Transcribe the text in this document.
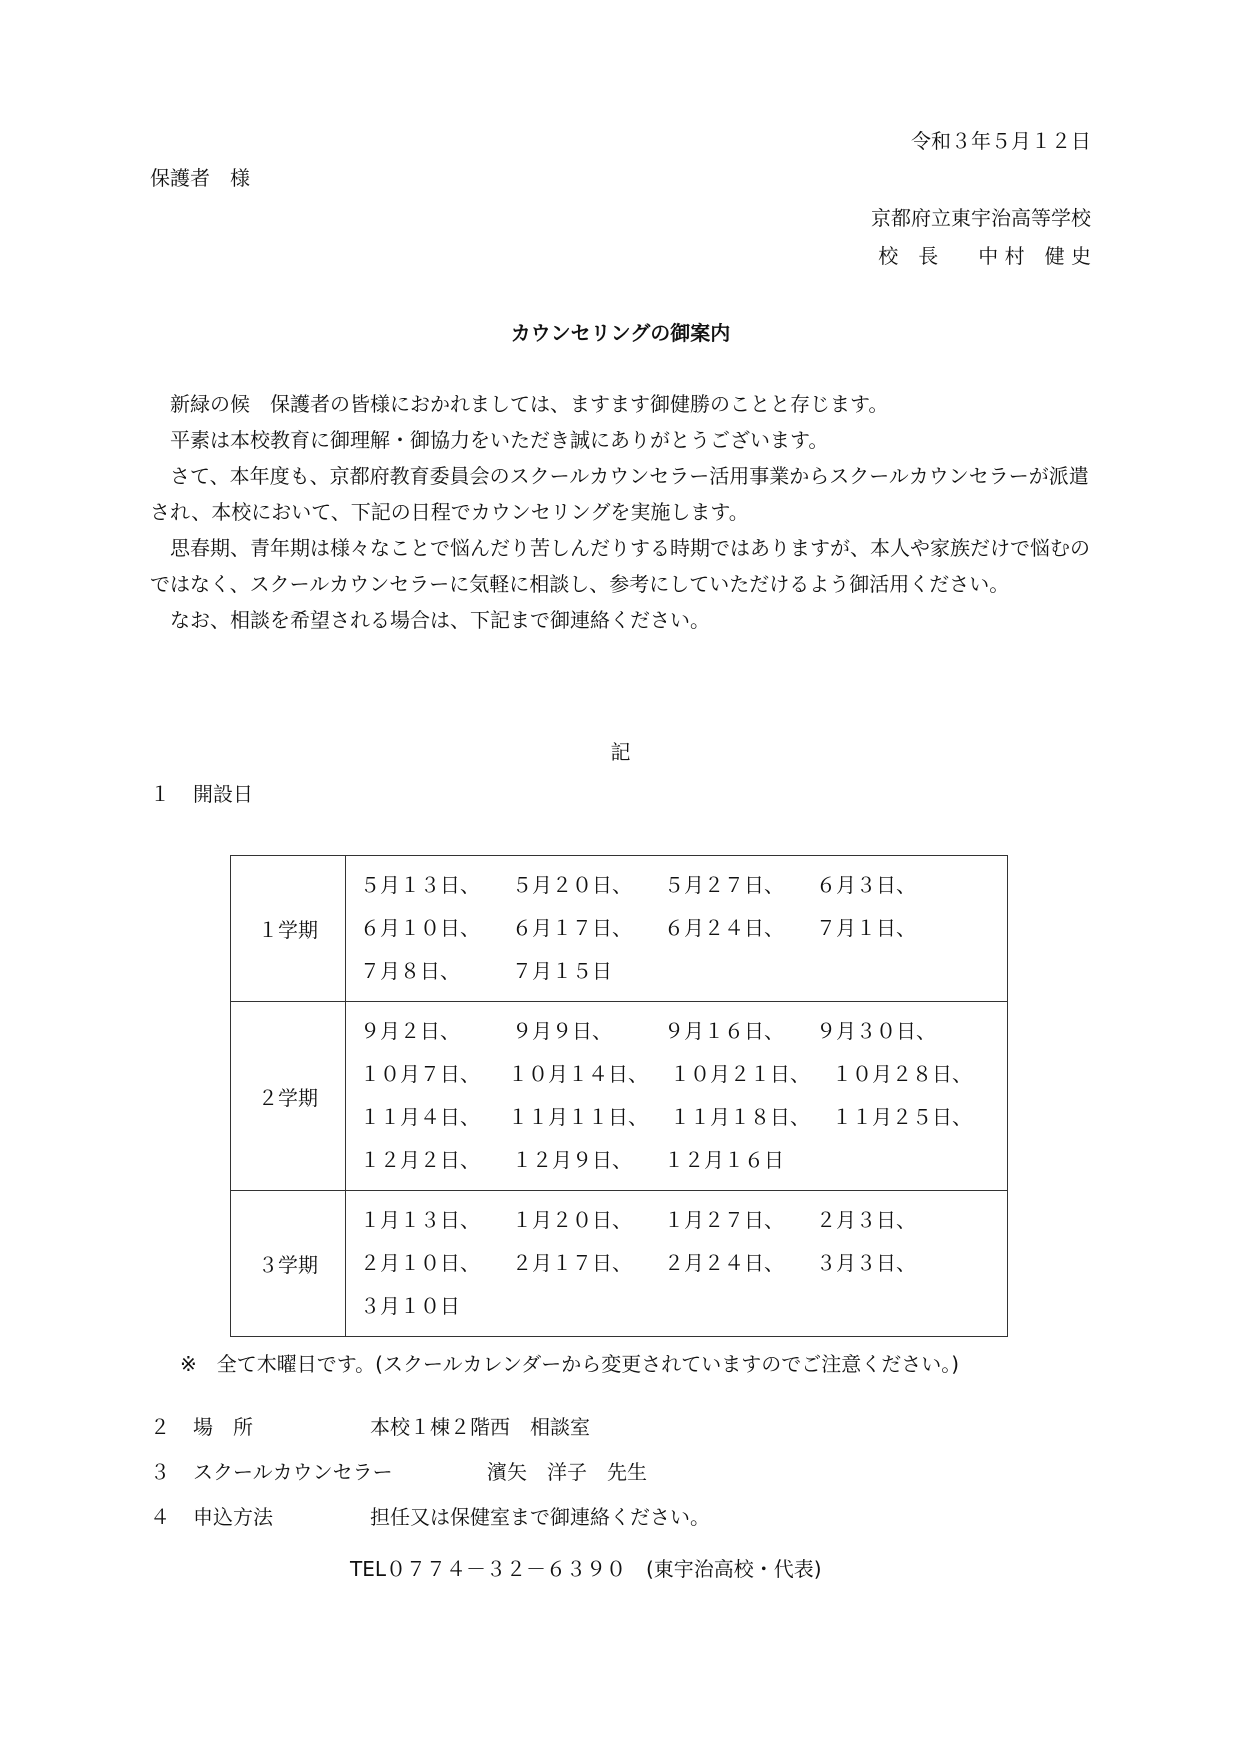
令和３年５月１２日
保護者　様
京都府立東宇治高等学校
校　長　　中 村　健 史
カウンセリングの御案内

新緑の候　保護者の皆様におかれましては、ますます御健勝のことと存じます。

平素は本校教育に御理解・御協力をいただき誠にありがとうございます。

さて、本年度も、京都府教育委員会のスクールカウンセラー活用事業からスクールカウンセラーが派遣され、本校において、下記の日程でカウンセリングを実施します。

思春期、青年期は様々なことで悩んだり苦しんだりする時期ではありますが、本人や家族だけで悩むのではなく、スクールカウンセラーに気軽に相談し、参考にしていただけるよう御活用ください。

なお、相談を希望される場合は、下記まで御連絡ください。

記
１ 開設日
１学期	５月１３日、 ５月２０日、 ５月２７日、 ６月３日、
６月１０日、 ６月１７日、 ６月２４日、 ７月１日、
７月８日、 ７月１５日

２学期	９月２日、 ９月９日、 ９月１６日、 ９月３０日、
１０月７日、 １０月１４日、 １０月２１日、 １０月２８日、
１１月４日、 １１月１１日、 １１月１８日、 １１月２５日、
１２月２日、 １２月９日、 １２月１６日

３学期	１月１３日、 １月２０日、 １月２７日、 ２月３日、
２月１０日、 ２月１７日、 ２月２４日、 ３月３日、
３月１０日
※　全て木曜日です。(スクールカレンダーから変更されていますのでご注意ください。)
２ 場　所	本校１棟２階西　相談室
３ スクールカウンセラー	濱矢　洋子　先生
４ 申込方法	担任又は保健室まで御連絡ください。
TEL０７７４－３２－６３９０　(東宇治高校・代表)
